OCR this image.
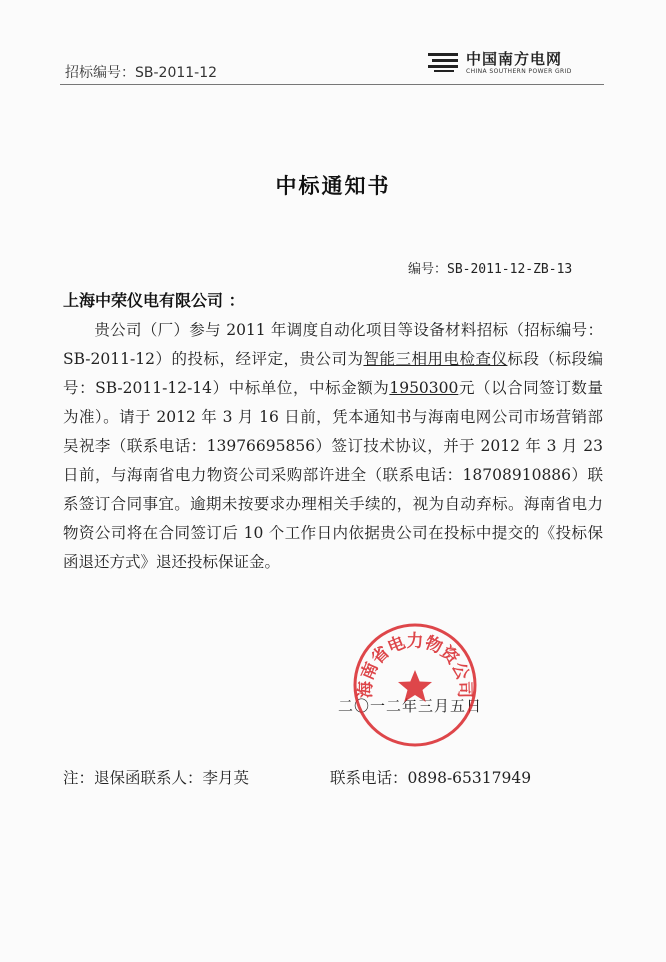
招标编号：SB-2011-12
中国南方电网
CHINA SOUTHERN POWER GRID
中标通知书
编号：SB-2011-12-ZB-13
上海中荣仪电有限公司 ：
  贵公司（厂）参与 2011 年调度自动化项目等设备材料招标（招标编号：SB-2011-12）的投标，经评定，贵公司为智能三相用电检查仪标段（标段编号：SB-2011-12-14）中标单位，中标金额为1950300元（以合同签订数量为准）。请于 2012 年 3 月 16 日前，凭本通知书与海南电网公司市场营销部吴祝李（联系电话：13976695856）签订技术协议，并于 2012 年 3 月 23 日前，与海南省电力物资公司采购部许进全（联系电话：18708910886）联系签订合同事宜。逾期未按要求办理相关手续的，视为自动弃标。海南省电力物资公司将在合同签订后 10 个工作日内依据贵公司在投标中提交的《投标保函退还方式》退还投标保证金。
二〇一二年三月五日
海南省电力物资公司
注：退保函联系人：李月英	联系电话：0898-65317949
